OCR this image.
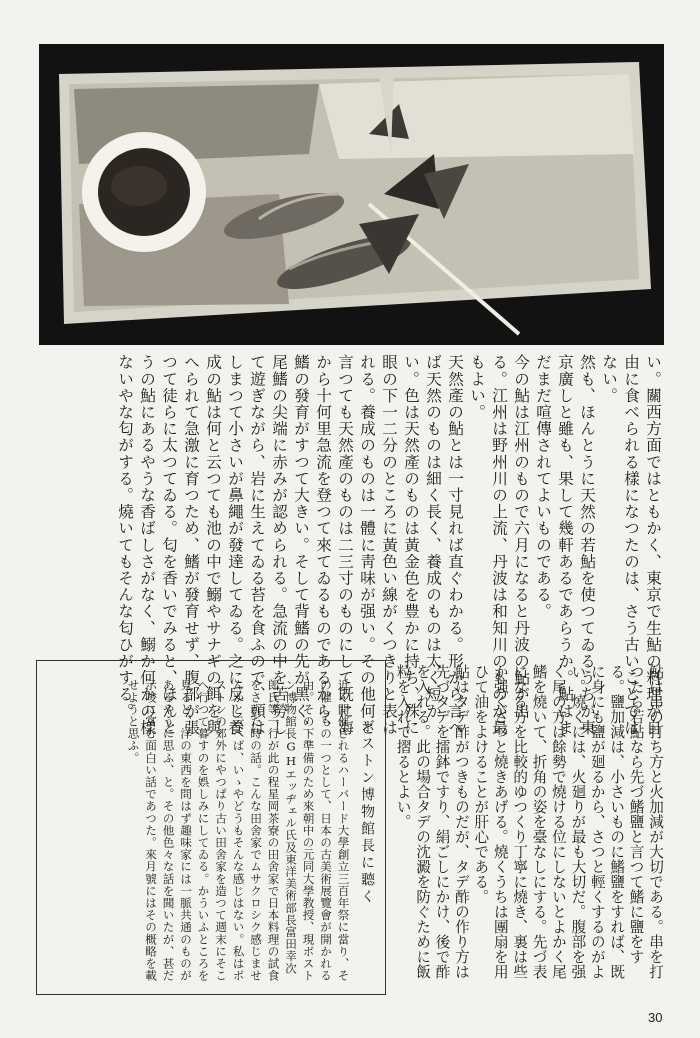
い。關西方面ではともかく、東京で生鮎の料理が自由に食べられる樣になつたのは、さう古いことではない。

然も、ほんとうに天然の若鮎を使つてゐるうちが東京廣しと雖も、果して幾軒あるであらうか。鮎はまだまだ喧傳されてよいものである。

今の鮎は江州のもので六月になると丹波の鮎が出る。江州は野州川の上流、丹波は和知川のものが最もよい。

天然產の鮎とは一寸見れば直ぐわかる。形から言へば天然のものは細く長く、養成のものは太く短かい。色は天然產のものは黃金色を豊かに持ち、殊に眼の下一二分のところに黃色い線がくつきりと表はれる。養成のものは一體に靑味が强い。その他何と言つても天然產のものは二三寸のものにして既に海から十何里急流を登つて來てゐるものであるから、鰭の發育がすつて大きい。そして背鰭の先が黑く、尾鰭の尖端に赤みが認められる。急流の中を苦勞して遊ぎながら、岩に生えてゐる苔を食ふので、頭はしまつて小さいが鼻繩が發達してゐる。之に反し養成の鮎は何と云つても池の中で鰯やサナギの餌を與へられて急激に育つため、鰭が發育せず、腹部が張つて徒らに太つてゐる。匂を香いでみると、ほんとうの鮎にあるやうな香ばしさがなく、鰯か何かの樣ないやな匂がする。燒いてもそんな匂ひがする。

鮎は串の打ち方と火加減が大切である。串を打つたら若鮎なら先づ鰭鹽と言つて鰭に鹽をする。鹽加減は、小さいものに鰭鹽をすれば、既に身にも鹽が廻るから、さつと輕くするのがよい。燒くには、火廻りが最も大切だ。腹部を强く尾の方は餘勢で燒ける位にしないとよかく尾鰭を燒いて、折角の姿を臺なしにする。先づ表になる方を比較的ゆつくり丁寧に燒き、裏は些か强くさつと燒きあげる。燒くうちは團扇を用ひて油をよけることが肝心である。

鮎はタデ酢がつきものだが、タデ酢の作り方は先づタデを擂鉢ですり、絹ごしにかけ、後で酢を入れる。此の場合タデの沈澱を防ぐために飯粒を入れて摺るとよい。

ボストン博物館長に聽く

近く開催されるハーバード大學創立三百年祭に當り、その催しもの一つとして、日本の古美術展覽會が開かれる由。その下準備のため來朝中の元同大學教授、現ボストン博物館長GHエッヂェル氏及東洋美術部長富田幸次郎氏等一行が此の程星岡茶寮の田舍家で日本料理の試食をされた時の話。こんな田舍家でムサクロシク感じませんかと云へば、いゝやどうもそんな感じはない。私はボストンの郊外にやつぱり古い田舍家を造つて週末にそこへ行つて暮すのを娯しみにしてゐる。かういふところを見ると、洋の東西を問はず趣味家には一脈共通のものがあるやうに思ふ、と。その他色々な話を聞いたが、甚だ示唆に富む面白い話であつた。來月號にはその概略を載せようと思ふ。

30
